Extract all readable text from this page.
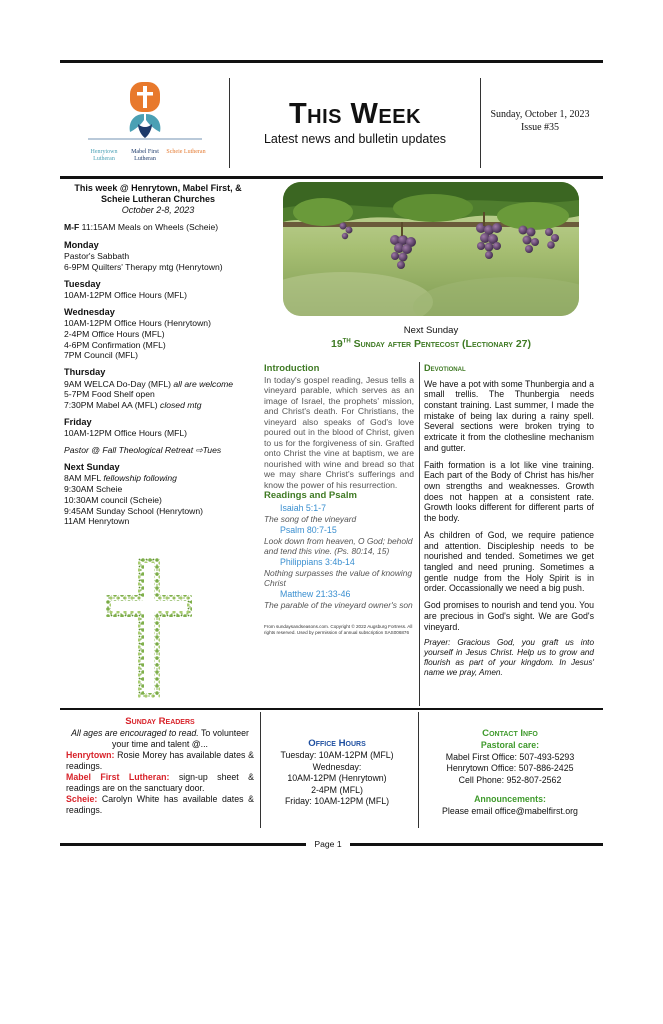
Henrytown Lutheran
Mabel First Lutheran
Scheie Lutheran
This Week
Latest news and bulletin updates
Sunday, October 1, 2023
Issue #35
This week @ Henrytown, Mabel First, & Scheie Lutheran Churches
October 2-8, 2023
M-F 11:15AM Meals on Wheels (Scheie)
Monday
Pastor's Sabbath
6-9PM Quilters' Therapy mtg (Henrytown)
Tuesday
10AM-12PM Office Hours (MFL)
Wednesday
10AM-12PM Office Hours (Henrytown)
2-4PM Office Hours (MFL)
4-6PM Confirmation (MFL)
7PM Council (MFL)
Thursday
9AM WELCA Do-Day (MFL) all are welcome
5-7PM Food Shelf open
7:30PM Mabel AA (MFL) closed mtg
Friday
10AM-12PM Office Hours (MFL)
Pastor @ Fall Theological Retreat ⇨Tues
Next Sunday
8AM MFL fellowship following
9:30AM Scheie
10:30AM council (Scheie)
9:45AM Sunday School (Henrytown)
11AM Henrytown
Next Sunday
19TH Sunday after Pentecost (Lectionary 27)
Introduction
In today's gospel reading, Jesus tells a vineyard parable, which serves as an image of Israel, the prophets' mission, and Christ's death. For Christians, the vineyard also speaks of God's love poured out in the blood of Christ, given to us for the forgiveness of sin. Grafted onto Christ the vine at baptism, we are nourished with wine and bread so that we may share Christ's sufferings and know the power of his resurrection.
Readings and Psalm
Isaiah 5:1-7
The song of the vineyard
Psalm 80:7-15
Look down from heaven, O God; behold and tend this vine. (Ps. 80:14, 15)
Philippians 3:4b-14
Nothing surpasses the value of knowing Christ
Matthew 21:33-46
The parable of the vineyard owner's son
From sundaysandseasons.com. Copyright © 2022 Augsburg Fortress. All rights reserved. Used by permission of annual subscription SAS006876
Devotional
We have a pot with some Thunbergia and a small trellis. The Thunbergia needs constant training. Last summer, I made the mistake of being lax during a rainy spell. Several sections were broken trying to extricate it from the clothesline mechanism and gutter.
Faith formation is a lot like vine training. Each part of the Body of Christ has his/her own strengths and weaknesses. Growth does not happen at a consistent rate. Growth looks different for different parts of the body.
As children of God, we require patience and attention. Discipleship needs to be nourished and tended. Sometimes we get tangled and need pruning. Sometimes a gentle nudge from the Holy Spirit is in order. Occassionally we need a big push.
God promises to nourish and tend you. You are precious in God's sight. We are God's vineyard.
Prayer: Gracious God, you graft us into yourself in Jesus Christ. Help us to grow and flourish as part of your kingdom. In Jesus' name we pray, Amen.
Sunday Readers
All ages are encouraged to read. To volunteer your time and talent @...
Henrytown: Rosie Morey has available dates & readings.
Mabel First Lutheran: sign-up sheet & readings are on the sanctuary door.
Scheie: Carolyn White has available dates & readings.
Office Hours
Tuesday: 10AM-12PM (MFL)
Wednesday:
10AM-12PM (Henrytown)
2-4PM (MFL)
Friday: 10AM-12PM (MFL)
Contact Info
Pastoral care:
Mabel First Office: 507-493-5293
Henrytown Office: 507-886-2425
Cell Phone: 952-807-2562
Announcements:
Please email office@mabelfirst.org
Page 1
